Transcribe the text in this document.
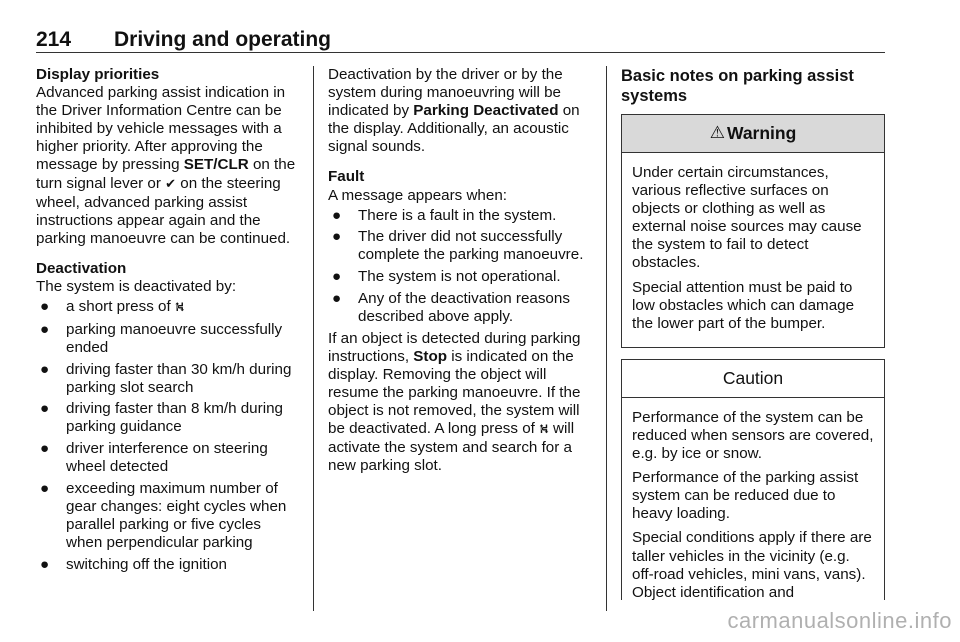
214 Driving and operating

Display priorities

Advanced parking assist indication in the Driver Information Centre can be inhibited by vehicle messages with a higher priority. After approving the message by pressing SET/CLR on the turn signal lever or ✔ on the steering wheel, advanced parking assist instructions appear again and the parking manoeuvre can be continued.

Deactivation

The system is deactivated by:

● a short press of ⛕
● parking manoeuvre successfully ended
● driving faster than 30 km/h during parking slot search
● driving faster than 8 km/h during parking guidance
● driver interference on steering wheel detected
● exceeding maximum number of gear changes: eight cycles when parallel parking or five cycles when perpendicular parking
● switching off the ignition

Deactivation by the driver or by the system during manoeuvring will be indicated by Parking Deactivated on the display. Additionally, an acoustic signal sounds.

Fault

A message appears when:

● There is a fault in the system.
● The driver did not successfully complete the parking manoeuvre.
● The system is not operational.
● Any of the deactivation reasons described above apply.

If an object is detected during parking instructions, Stop is indicated on the display. Removing the object will resume the parking manoeuvre. If the object is not removed, the system will be deactivated. A long press of ⛕ will activate the system and search for a new parking slot.

Basic notes on parking assist systems

⚠ Warning

Under certain circumstances, various reflective surfaces on objects or clothing as well as external noise sources may cause the system to fail to detect obstacles.

Special attention must be paid to low obstacles which can damage the lower part of the bumper.

Caution

Performance of the system can be reduced when sensors are covered, e.g. by ice or snow.

Performance of the parking assist system can be reduced due to heavy loading.

Special conditions apply if there are taller vehicles in the vicinity (e.g. off-road vehicles, mini vans, vans). Object identification and

carmanualsonline.info
